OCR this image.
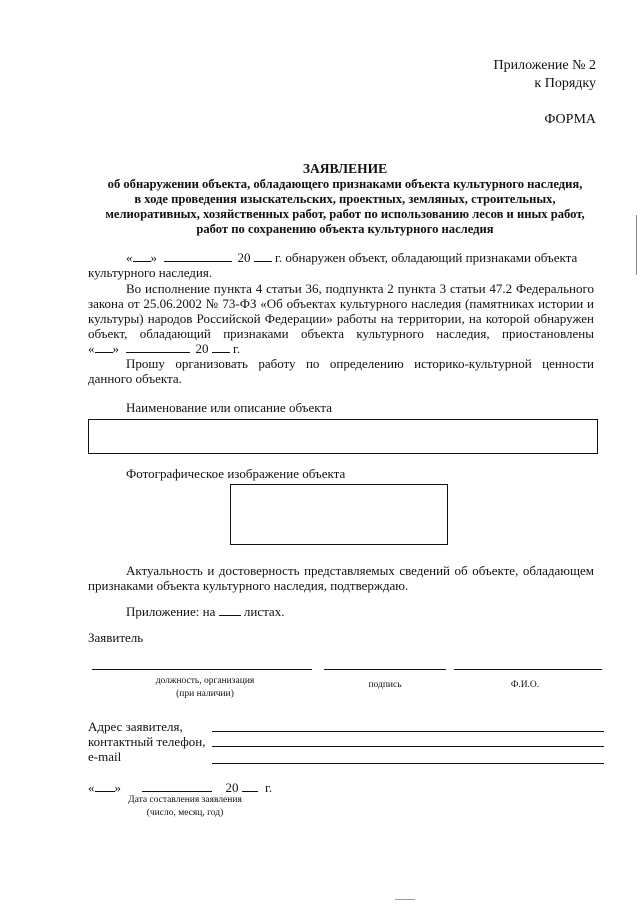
Приложение № 2
к Порядку
ФОРМА
ЗАЯВЛЕНИЕ
об обнаружении объекта, обладающего признаками объекта культурного наследия,
в ходе проведения изыскательских, проектных, земляных, строительных,
мелиоративных, хозяйственных работ, работ по использованию лесов и иных работ,
работ по сохранению объекта культурного наследия
« »	20 г. обнаружен объект, обладающий признаками объекта
культурного наследия.
Во исполнение пункта 4 статьи 36, подпункта 2 пункта 3 статьи 47.2 Федерального
закона от 25.06.2002 № 73-ФЗ «Об объектах культурного наследия (памятниках истории и
культуры) народов Российской Федерации» работы на территории, на которой обнаружен
объект, обладающий признаками объекта культурного наследия, приостановлены
« »	20 г.
Прошу организовать работу по определению историко-культурной ценности
данного объекта.
Наименование или описание объекта
Фотографическое изображение объекта
Актуальность и достоверность представляемых сведений об объекте, обладающем
признаками объекта культурного наследия, подтверждаю.
Приложение: на листах.
Заявитель
должность, организация
(при наличии)
подпись	Ф.И.О.
Адрес заявителя,
контактный телефон,
e-mail
« »	20 г.
Дата составления заявления
(число, месяц, год)
